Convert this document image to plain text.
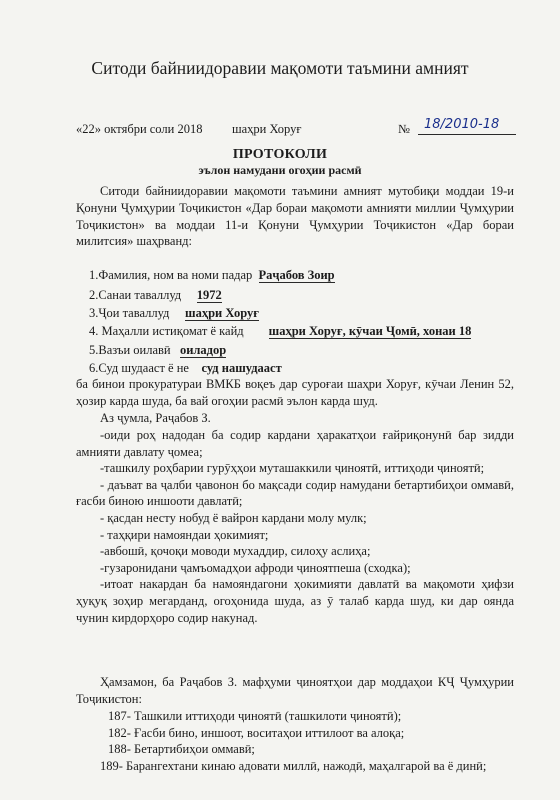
Ситоди байниидоравии мақомоти таъмини амният
«22» октябри соли 2018 шаҳри Хоруғ	№	18/2010-18
ПРОТОКОЛИ
эълон намудани огоҳии расмӣ

Ситоди байниидоравии мақомоти таъмини амният мутобиқи моддаи 19-и Қонуни Ҷумҳурии Тоҷикистон «Дар бораи мақомоти амнияти миллии Ҷумҳурии Тоҷикистон» ва моддаи 11-и Қонуни Ҷумҳурии Тоҷикистон «Дар бораи милитсия» шаҳрванд:

1.Фамилия, ном ва номи падар Раҷабов Зоир
2.Санаи таваллуд 1972
3.Ҷои таваллуд шаҳри Хоруғ
4. Маҳалли истиқомат ё кайд шаҳри Хоруғ, кӯчаи Ҷомӣ, хонаи 18
5.Вазъи оилавӣ оиладор
6.Суд шудааст ё не суд нашудааст

ба бинои прокуратураи ВМКБ воқеъ дар суроғаи шаҳри Хоруғ, кӯчаи Ленин 52, ҳозир карда шуда, ба вай огоҳии расмӣ эълон карда шуд.

Аз ҷумла, Раҷабов З.

-оиди роҳ надодан ба содир кардани ҳаракатҳои ғайриқонунӣ бар зидди амнияти давлату ҷомеа;

-ташкилу роҳбарии гурӯҳҳои муташаккили ҷиноятӣ, иттиҳоди ҷиноятӣ;

- даъват ва ҷалби ҷавонон бо мақсади содир намудани бетартибиҳои оммавӣ, ғасби биною иншооти давлатӣ;

- қасдан несту нобуд ё вайрон кардани молу мулк;

- таҳқири намояндаи ҳокимият;

-авбошӣ, қочоқи моводи мухаддир, силоҳу аслиҳа;

-гузаронидани ҷамъомадҳои афроди ҷиноятпеша (сходка);

-итоат накардан ба намояндагони ҳокимияти давлатӣ ва мақомоти ҳифзи ҳуқуқ зоҳир мегарданд, огоҳонида шуда, аз ӯ талаб карда шуд, ки дар оянда чунин кирдорҳоро содир накунад.

Ҳамзамон, ба Раҷабов З. мафҳуми ҷиноятҳои дар моддаҳои КҶ Ҷумҳурии Тоҷикистон:

187- Ташкили иттиҳоди ҷиноятӣ (ташкилоти ҷиноятӣ);

182- Ғасби бино, иншоот, воситаҳои иттилоот ва алоқа;

188- Бетартибиҳои оммавӣ;

189- Барангехтани кинаю адовати миллӣ, нажодӣ, маҳалгарой ва ё динӣ;
